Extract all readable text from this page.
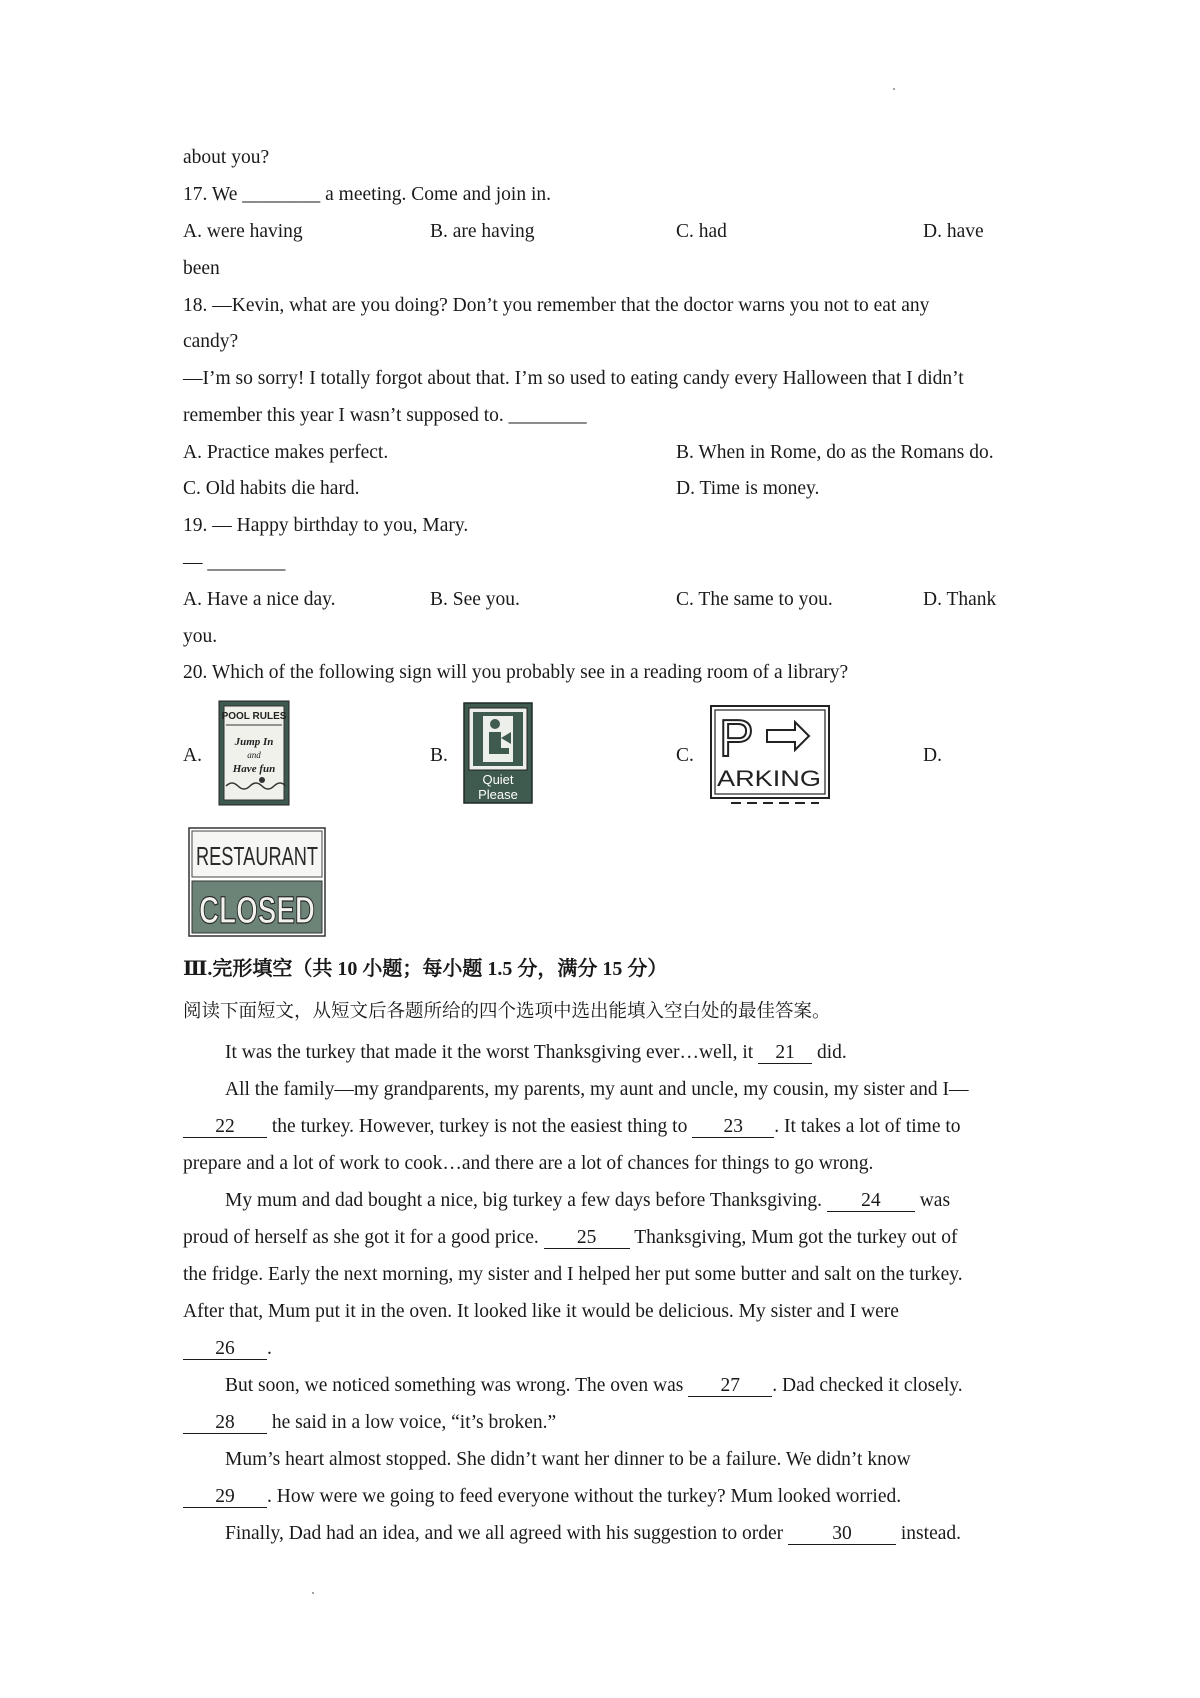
about you?
17. We ________ a meeting. Come and join in.
A. were having	B. are having	C. had	D. have
been
18. —Kevin, what are you doing? Don’t you remember that the doctor warns you not to eat any
candy?
—I’m so sorry! I totally forgot about that. I’m so used to eating candy every Halloween that I didn’t
remember this year I wasn’t supposed to. ________
A. Practice makes perfect.	B. When in Rome, do as the Romans do.
C. Old habits die hard.	D. Time is money.
19. — Happy birthday to you, Mary.
— ________
A. Have a nice day.	B. See you.	C. The same to you.	D. Thank
you.
20. Which of the following sign will you probably see in a reading room of a library?
A.	B.	C.	D.
POOL RULES
Jump In
and
Have fun
Quiet
Please
P
ARKING
RESTAURANT
CLOSED
Ⅲ.完形填空（共 10 小题；每小题 1.5 分，满分 15 分）
阅读下面短文，从短文后各题所给的四个选项中选出能填入空白处的最佳答案。
It was the turkey that made it the worst Thanksgiving ever…well, it 21 did.
All the family—my grandparents, my parents, my aunt and uncle, my cousin, my sister and I—
22 the turkey. However, turkey is not the easiest thing to 23 . It takes a lot of time to
prepare and a lot of work to cook…and there are a lot of chances for things to go wrong.
My mum and dad bought a nice, big turkey a few days before Thanksgiving. 24 was
proud of herself as she got it for a good price. 25 Thanksgiving, Mum got the turkey out of
the fridge. Early the next morning, my sister and I helped her put some butter and salt on the turkey.
After that, Mum put it in the oven. It looked like it would be delicious. My sister and I were
26 .
But soon, we noticed something was wrong. The oven was 27 . Dad checked it closely.
28 he said in a low voice, “it’s broken.”
Mum’s heart almost stopped. She didn’t want her dinner to be a failure. We didn’t know
29 . How were we going to feed everyone without the turkey? Mum looked worried.
Finally, Dad had an idea, and we all agreed with his suggestion to order	30	instead.
